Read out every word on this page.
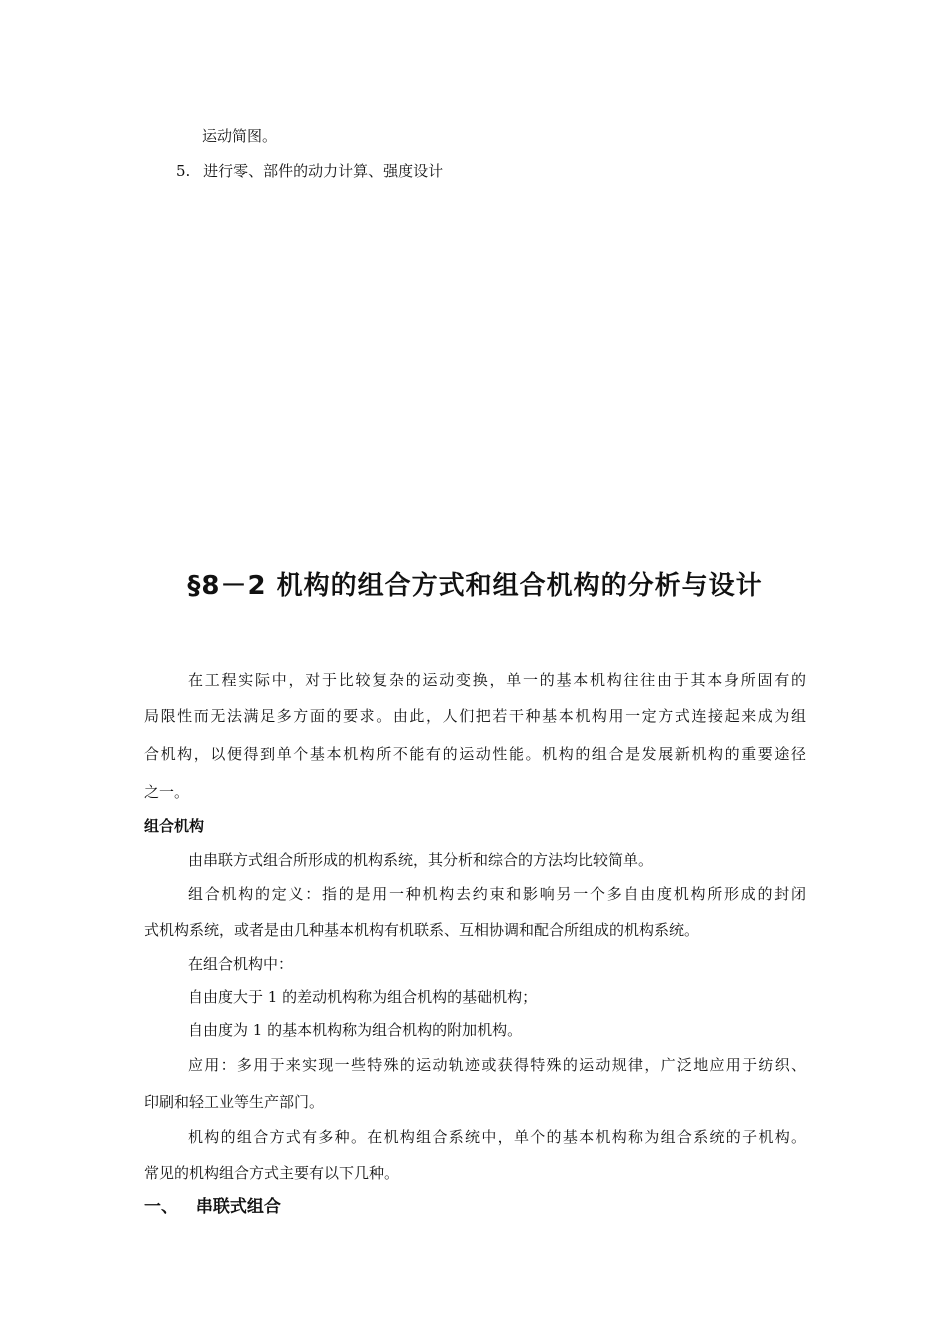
运动简图。
5. 进行零、部件的动力计算、强度设计
§8－2 机构的组合方式和组合机构的分析与设计
在工程实际中，对于比较复杂的运动变换，单一的基本机构往往由于其本身所固有的
局限性而无法满足多方面的要求。由此，人们把若干种基本机构用一定方式连接起来成为组
合机构，以便得到单个基本机构所不能有的运动性能。机构的组合是发展新机构的重要途径
之一。
组合机构
由串联方式组合所形成的机构系统，其分析和综合的方法均比较简单。
组合机构的定义：指的是用一种机构去约束和影响另一个多自由度机构所形成的封闭
式机构系统，或者是由几种基本机构有机联系、互相协调和配合所组成的机构系统。
在组合机构中：
自由度大于 1 的差动机构称为组合机构的基础机构；
自由度为 1 的基本机构称为组合机构的附加机构。
应用：多用于来实现一些特殊的运动轨迹或获得特殊的运动规律，广泛地应用于纺织、
印刷和轻工业等生产部门。
机构的组合方式有多种。在机构组合系统中，单个的基本机构称为组合系统的子机构。
常见的机构组合方式主要有以下几种。
一、 串联式组合
